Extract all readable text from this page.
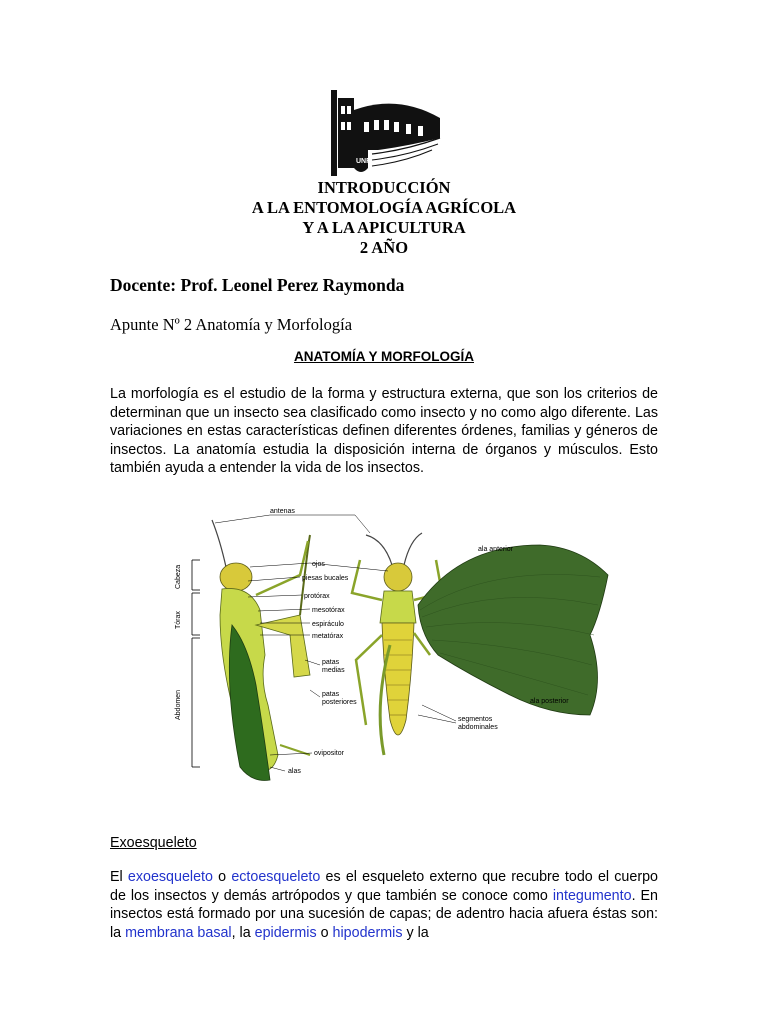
UNR
INTRODUCCIÓN
A LA ENTOMOLOGÍA AGRÍCOLA
Y A LA APICULTURA
2 AÑO
Docente: Prof. Leonel Perez Raymonda
Apunte Nº 2 Anatomía y Morfología
ANATOMÍA Y MORFOLOGÍA

La morfología es el estudio de la forma y estructura externa, que son los criterios de determinan que un insecto sea clasificado como insecto y no como algo diferente. Las variaciones en estas características definen diferentes órdenes, familias y géneros de insectos. La anatomía estudia la disposición interna de órganos y músculos. Esto también ayuda a entender la vida de los insectos.

Cabeza
Tórax
Abdomen
antenas
ojos
piesas bucales
protórax
mesotórax
espiráculo
metatórax
patas
medias
patas
posteriores
ovipositor
alas
ala anterior
ala posterior
segmentos
abdominales
Exoesqueleto

El exoesqueleto o ectoesqueleto es el esqueleto externo que recubre todo el cuerpo de los insectos y demás artrópodos y que también se conoce como integumento. En insectos está formado por una sucesión de capas; de adentro hacia afuera éstas son: la membrana basal, la epidermis o hipodermis y la
